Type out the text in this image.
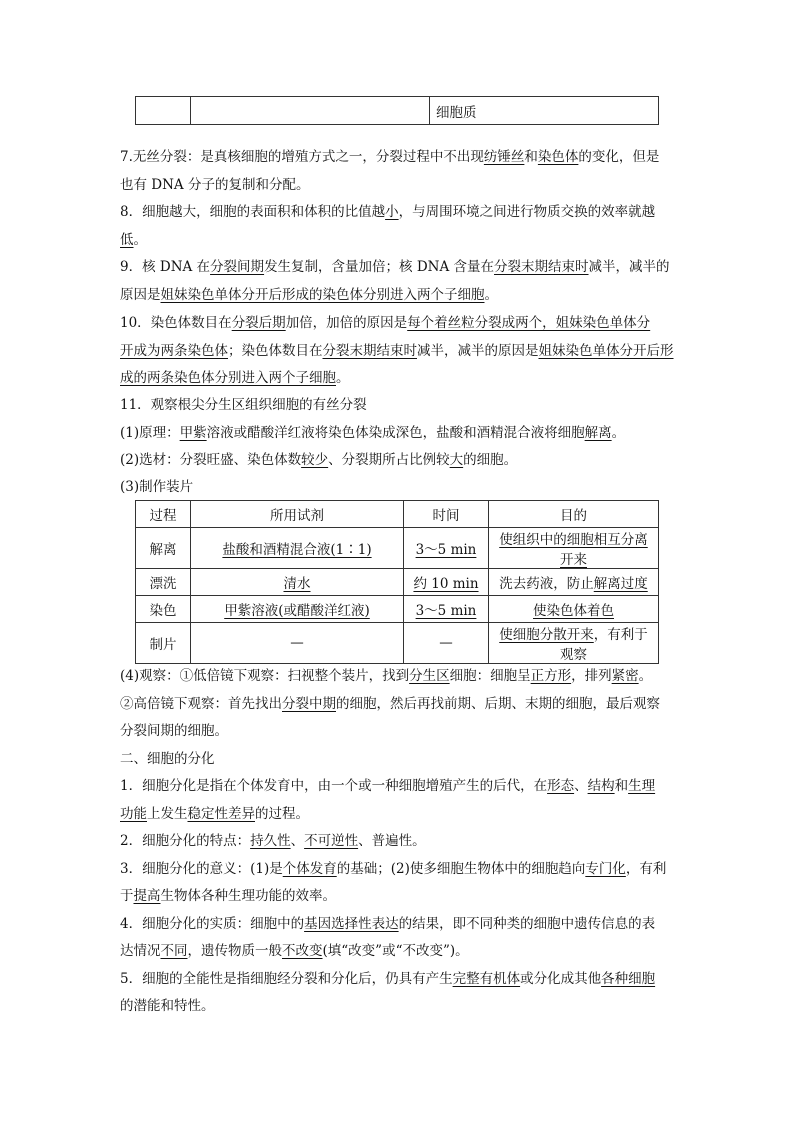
		细胞质
7.无丝分裂：是真核细胞的增殖方式之一，分裂过程中不出现纺锤丝和染色体的变化，但是
也有 DNA 分子的复制和分配。
8．细胞越大，细胞的表面积和体积的比值越小，与周围环境之间进行物质交换的效率就越
低。
9．核 DNA 在分裂间期发生复制，含量加倍；核 DNA 含量在分裂末期结束时减半，减半的
原因是姐妹染色单体分开后形成的染色体分别进入两个子细胞。
10．染色体数目在分裂后期加倍，加倍的原因是每个着丝粒分裂成两个，姐妹染色单体分
开成为两条染色体；染色体数目在分裂末期结束时减半，减半的原因是姐妹染色单体分开后形
成的两条染色体分别进入两个子细胞。
11．观察根尖分生区组织细胞的有丝分裂
(1)原理：甲紫溶液或醋酸洋红液将染色体染成深色，盐酸和酒精混合液将细胞解离。
(2)选材：分裂旺盛、染色体数较少、分裂期所占比例较大的细胞。
(3)制作装片
过程	所用试剂	时间	目的
解离	盐酸和酒精混合液(1∶1)	3～5 min	使组织中的细胞相互分离开来
漂洗	清水	约 10 min	洗去药液，防止解离过度
染色	甲紫溶液(或醋酸洋红液)	3～5 min	使染色体着色
制片	—	—	使细胞分散开来，有利于观察
(4)观察：①低倍镜下观察：扫视整个装片，找到分生区细胞：细胞呈正方形，排列紧密。
②高倍镜下观察：首先找出分裂中期的细胞，然后再找前期、后期、末期的细胞，最后观察
分裂间期的细胞。
二、细胞的分化
1．细胞分化是指在个体发育中，由一个或一种细胞增殖产生的后代，在形态、结构和生理
功能上发生稳定性差异的过程。
2．细胞分化的特点：持久性、不可逆性、普遍性。
3．细胞分化的意义：(1)是个体发育的基础；(2)使多细胞生物体中的细胞趋向专门化，有利
于提高生物体各种生理功能的效率。
4．细胞分化的实质：细胞中的基因选择性表达的结果，即不同种类的细胞中遗传信息的表
达情况不同，遗传物质一般不改变(填“改变”或“不改变”)。
5．细胞的全能性是指细胞经分裂和分化后，仍具有产生完整有机体或分化成其他各种细胞
的潜能和特性。
